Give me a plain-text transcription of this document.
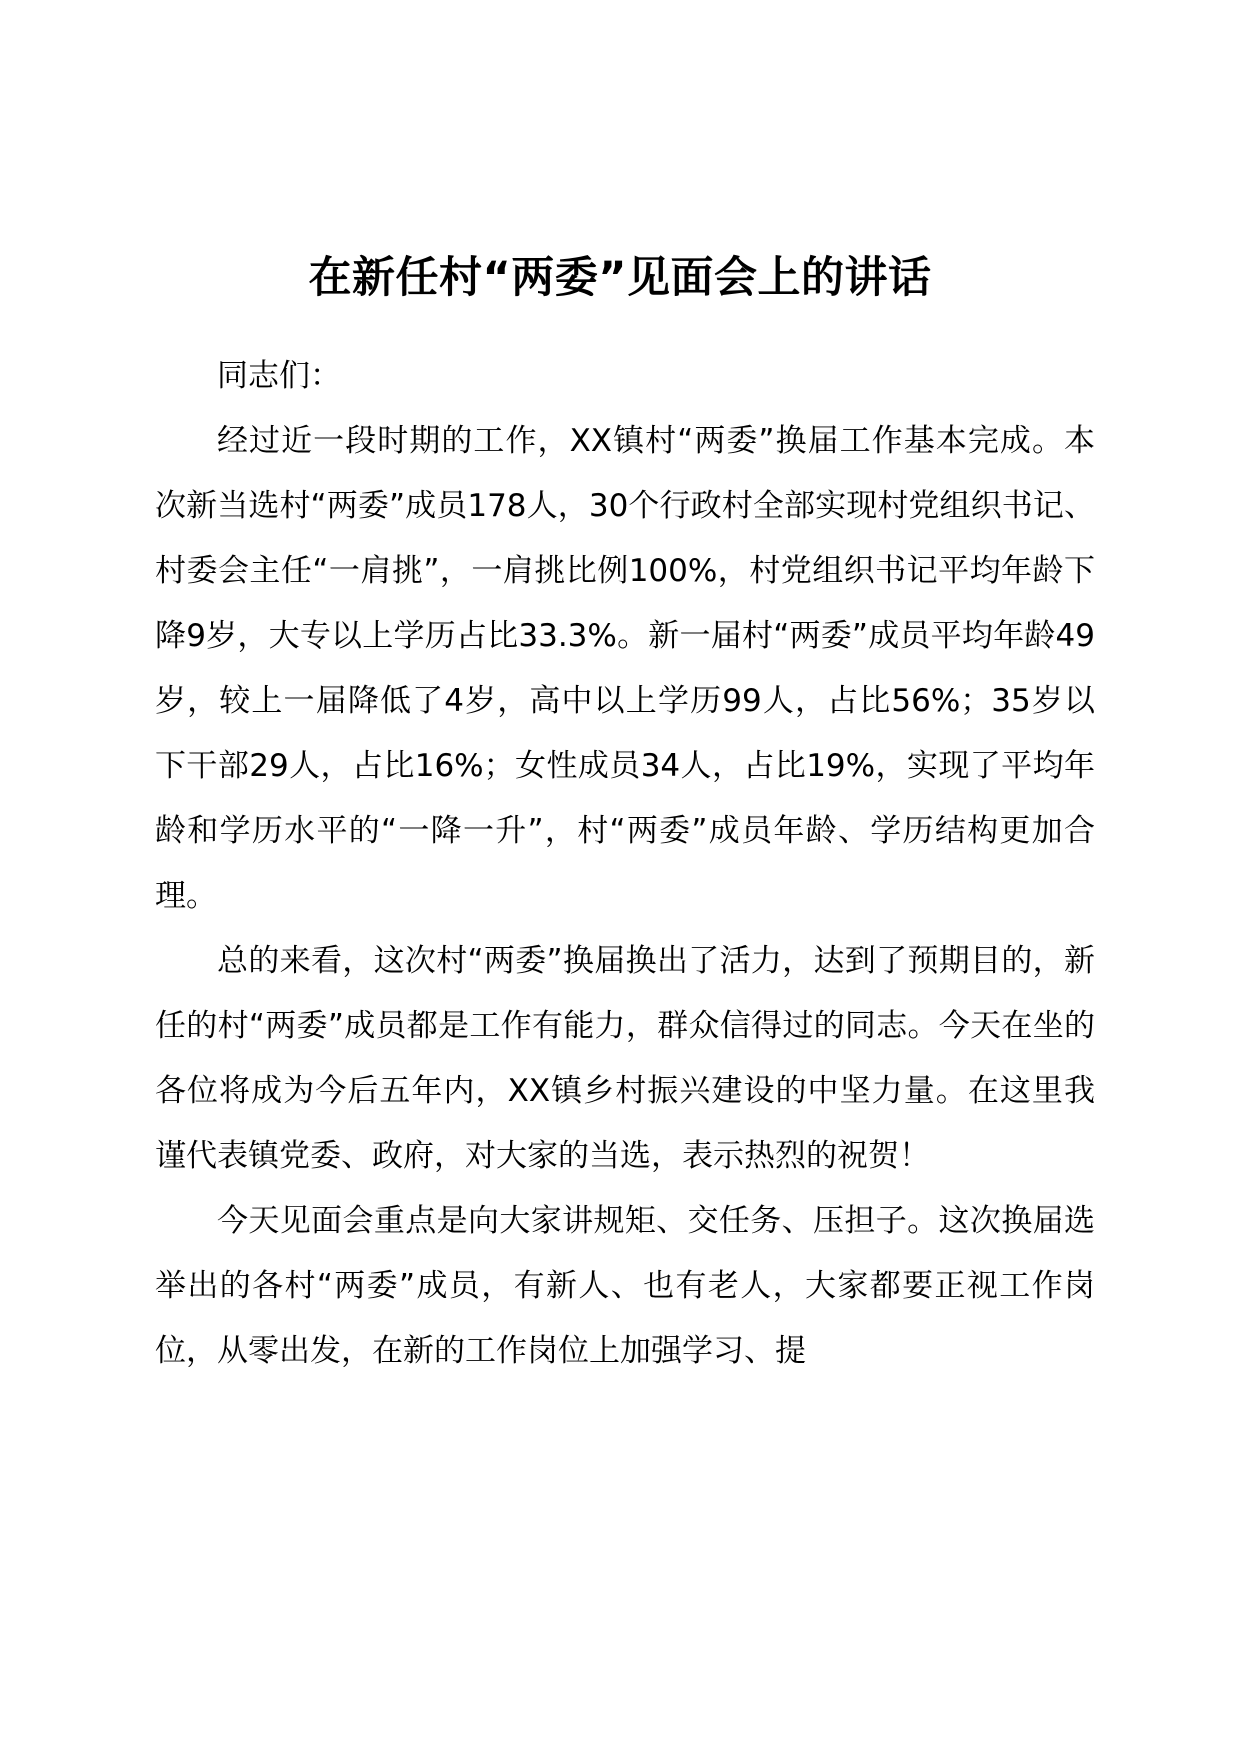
在新任村“两委”见面会上的讲话

同志们：

经过近一段时期的工作，XX镇村“两委”换届工作基本完成。本次新当选村“两委”成员178人，30个行政村全部实现村党组织书记、村委会主任“一肩挑”，一肩挑比例100%，村党组织书记平均年龄下降9岁，大专以上学历占比33.3%。新一届村“两委”成员平均年龄49岁，较上一届降低了4岁，高中以上学历99人，占比56%；35岁以下干部29人，占比16%；女性成员34人，占比19%，实现了平均年龄和学历水平的“一降一升”，村“两委”成员年龄、学历结构更加合理。

总的来看，这次村“两委”换届换出了活力，达到了预期目的，新任的村“两委”成员都是工作有能力，群众信得过的同志。今天在坐的各位将成为今后五年内，XX镇乡村振兴建设的中坚力量。在这里我谨代表镇党委、政府，对大家的当选，表示热烈的祝贺！

今天见面会重点是向大家讲规矩、交任务、压担子。这次换届选举出的各村“两委”成员，有新人、也有老人，大家都要正视工作岗位，从零出发，在新的工作岗位上加强学习、提
